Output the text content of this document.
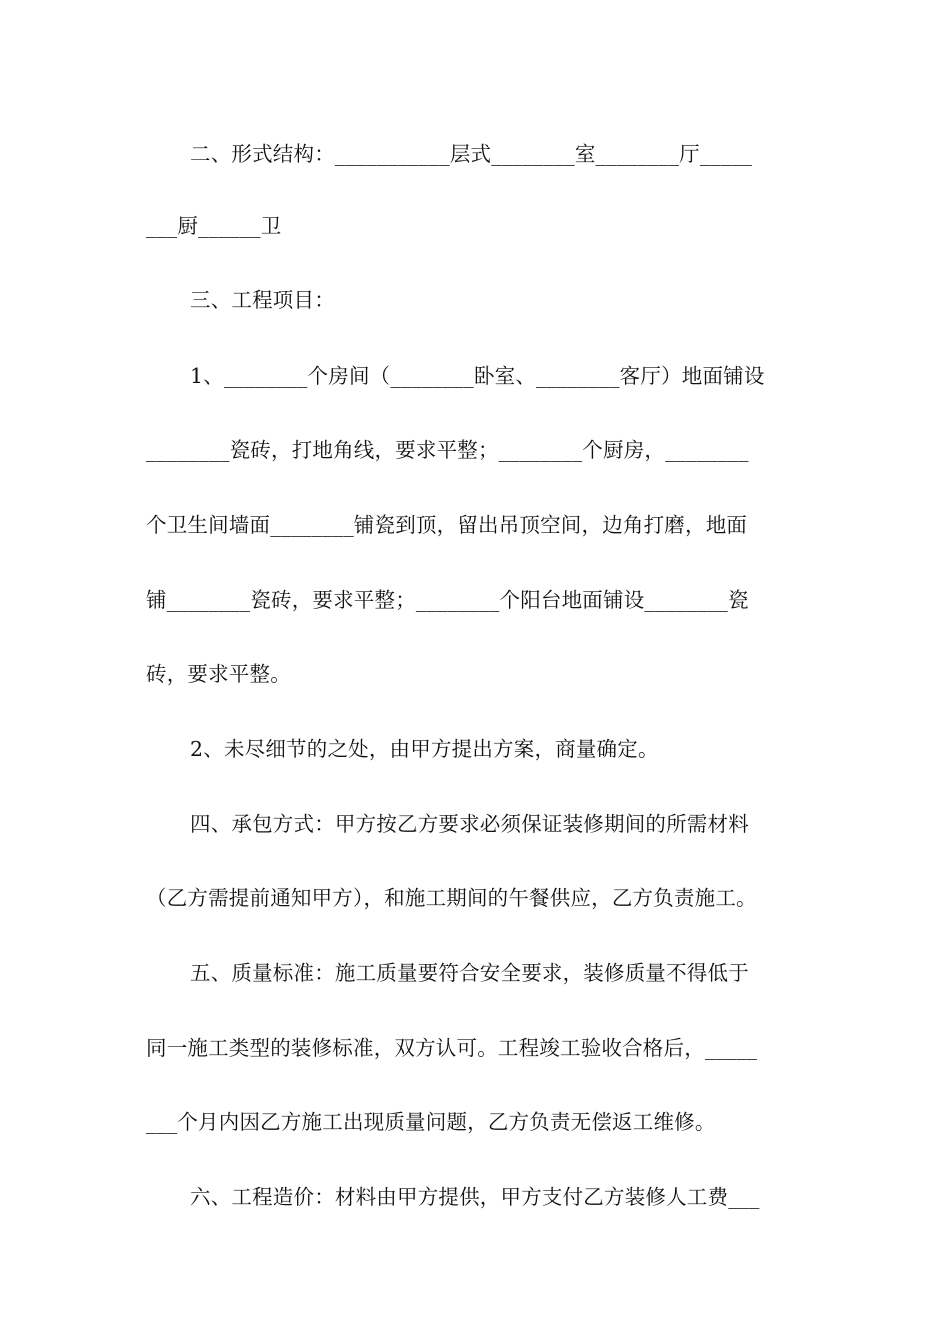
二、形式结构：___________层式________室________厅_____
___厨______卫
三、工程项目：
1、________个房间（________卧室、________客厅）地面铺设
________瓷砖，打地角线，要求平整；________个厨房，________
个卫生间墙面________铺瓷到顶，留出吊顶空间，边角打磨，地面
铺________瓷砖，要求平整；________个阳台地面铺设________瓷
砖，要求平整。
2、未尽细节的之处，由甲方提出方案，商量确定。
四、承包方式：甲方按乙方要求必须保证装修期间的所需材料
（乙方需提前通知甲方），和施工期间的午餐供应，乙方负责施工。
五、质量标准：施工质量要符合安全要求，装修质量不得低于
同一施工类型的装修标准，双方认可。工程竣工验收合格后，_____
___个月内因乙方施工出现质量问题，乙方负责无偿返工维修。
六、工程造价：材料由甲方提供，甲方支付乙方装修人工费___
